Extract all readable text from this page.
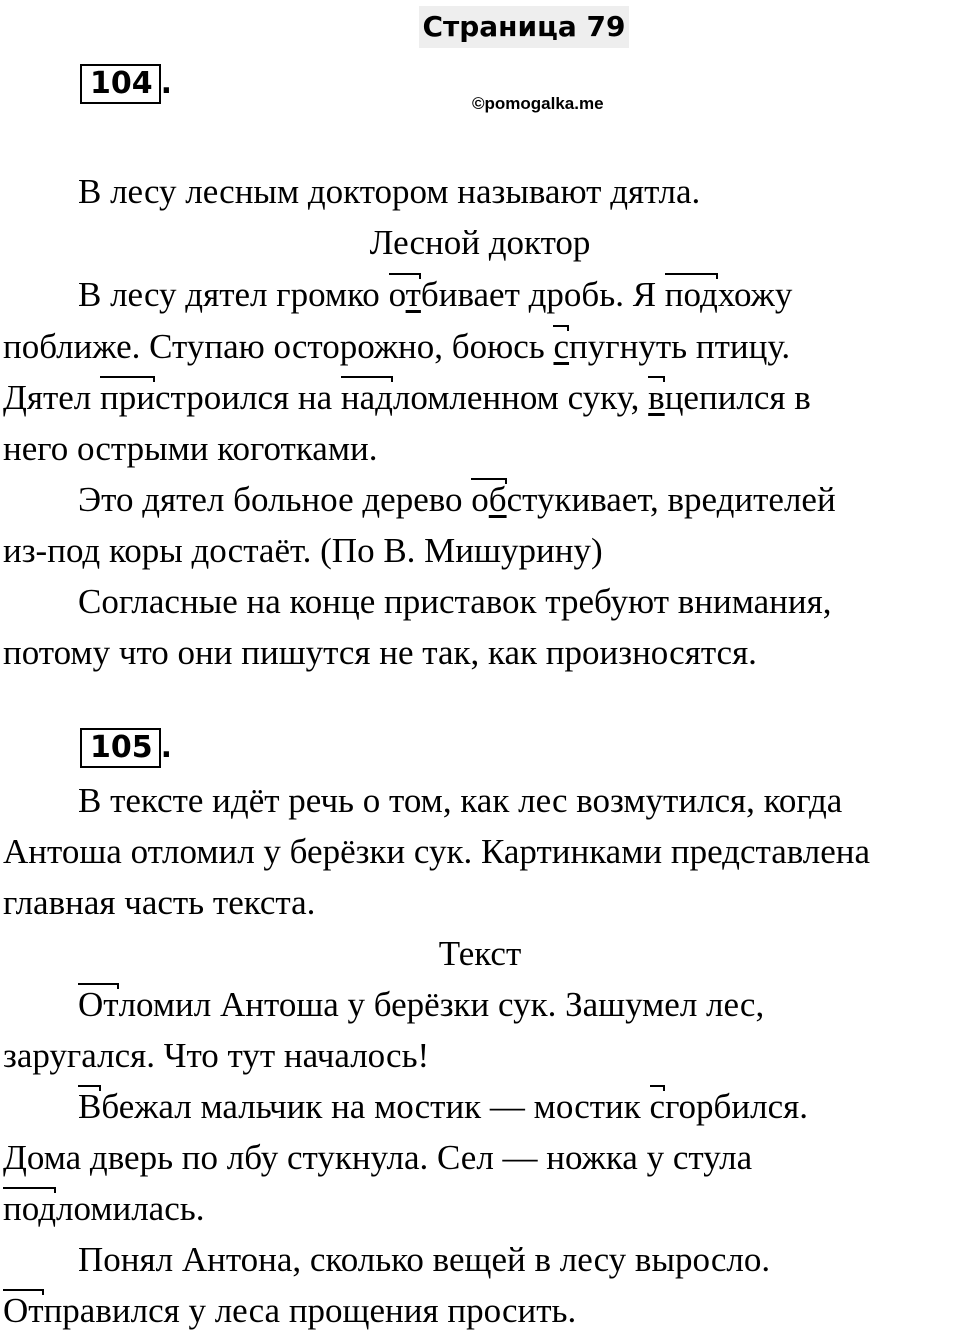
Страница 79
104 .
©pomogalka.me
В лесу лесным доктором называют дятла.
Лесной доктор
В лесу дятел громко отбивает дробь. Я подхожу
поближе. Ступаю осторожно, боюсь спугнуть птицу.
Дятел пристроился на надломленном суку, вцепился в
него острыми коготками.
Это дятел больное дерево обстукивает, вредителей
из-под коры достаёт. (По В. Мишурину)
Согласные на конце приставок требуют внимания,
потому что они пишутся не так, как произносятся.
105 .
В тексте идёт речь о том, как лес возмутился, когда
Антоша отломил у берёзки сук. Картинками представлена
главная часть текста.
Текст
Отломил Антоша у берёзки сук. Зашумел лес,
заругался. Что тут началось!
Вбежал мальчик на мостик — мостик сгорбился.
Дома дверь по лбу стукнула. Сел — ножка у стула
подломилась.
Понял Антона, сколько вещей в лесу выросло.
Отправился у леса прощения просить.
